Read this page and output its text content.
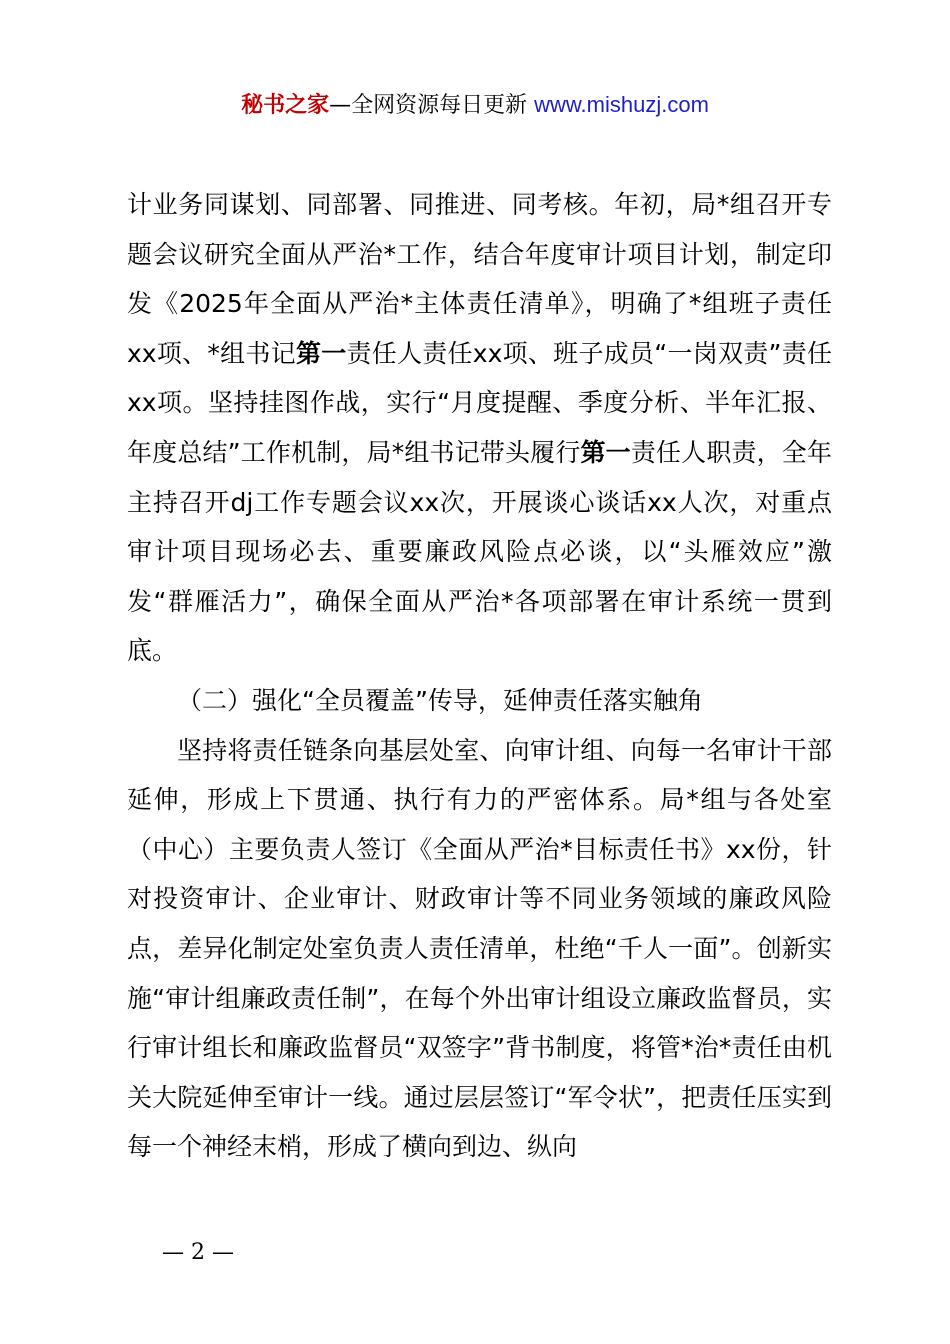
秘书之家—全网资源每日更新 www.mishuzj.com

计业务同谋划、同部署、同推进、同考核。年初，局*组召开专题会议研究全面从严治*工作，结合年度审计项目计划，制定印发《2025年全面从严治*主体责任清单》，明确了*组班子责任xx项、*组书记第一责任人责任xx项、班子成员“一岗双责”责任xx项。坚持挂图作战，实行“月度提醒、季度分析、半年汇报、年度总结”工作机制，局*组书记带头履行第一责任人职责，全年主持召开dj工作专题会议xx次，开展谈心谈话xx人次，对重点审计项目现场必去、重要廉政风险点必谈，以“头雁效应”激发“群雁活力”，确保全面从严治*各项部署在审计系统一贯到底。

（二）强化“全员覆盖”传导，延伸责任落实触角

坚持将责任链条向基层处室、向审计组、向每一名审计干部延伸，形成上下贯通、执行有力的严密体系。局*组与各处室（中心）主要负责人签订《全面从严治*目标责任书》xx份，针对投资审计、企业审计、财政审计等不同业务领域的廉政风险点，差异化制定处室负责人责任清单，杜绝“千人一面”。创新实施“审计组廉政责任制”，在每个外出审计组设立廉政监督员，实行审计组长和廉政监督员“双签字”背书制度，将管*治*责任由机关大院延伸至审计一线。通过层层签订“军令状”，把责任压实到每一个神经末梢，形成了横向到边、纵向

— 2 —
